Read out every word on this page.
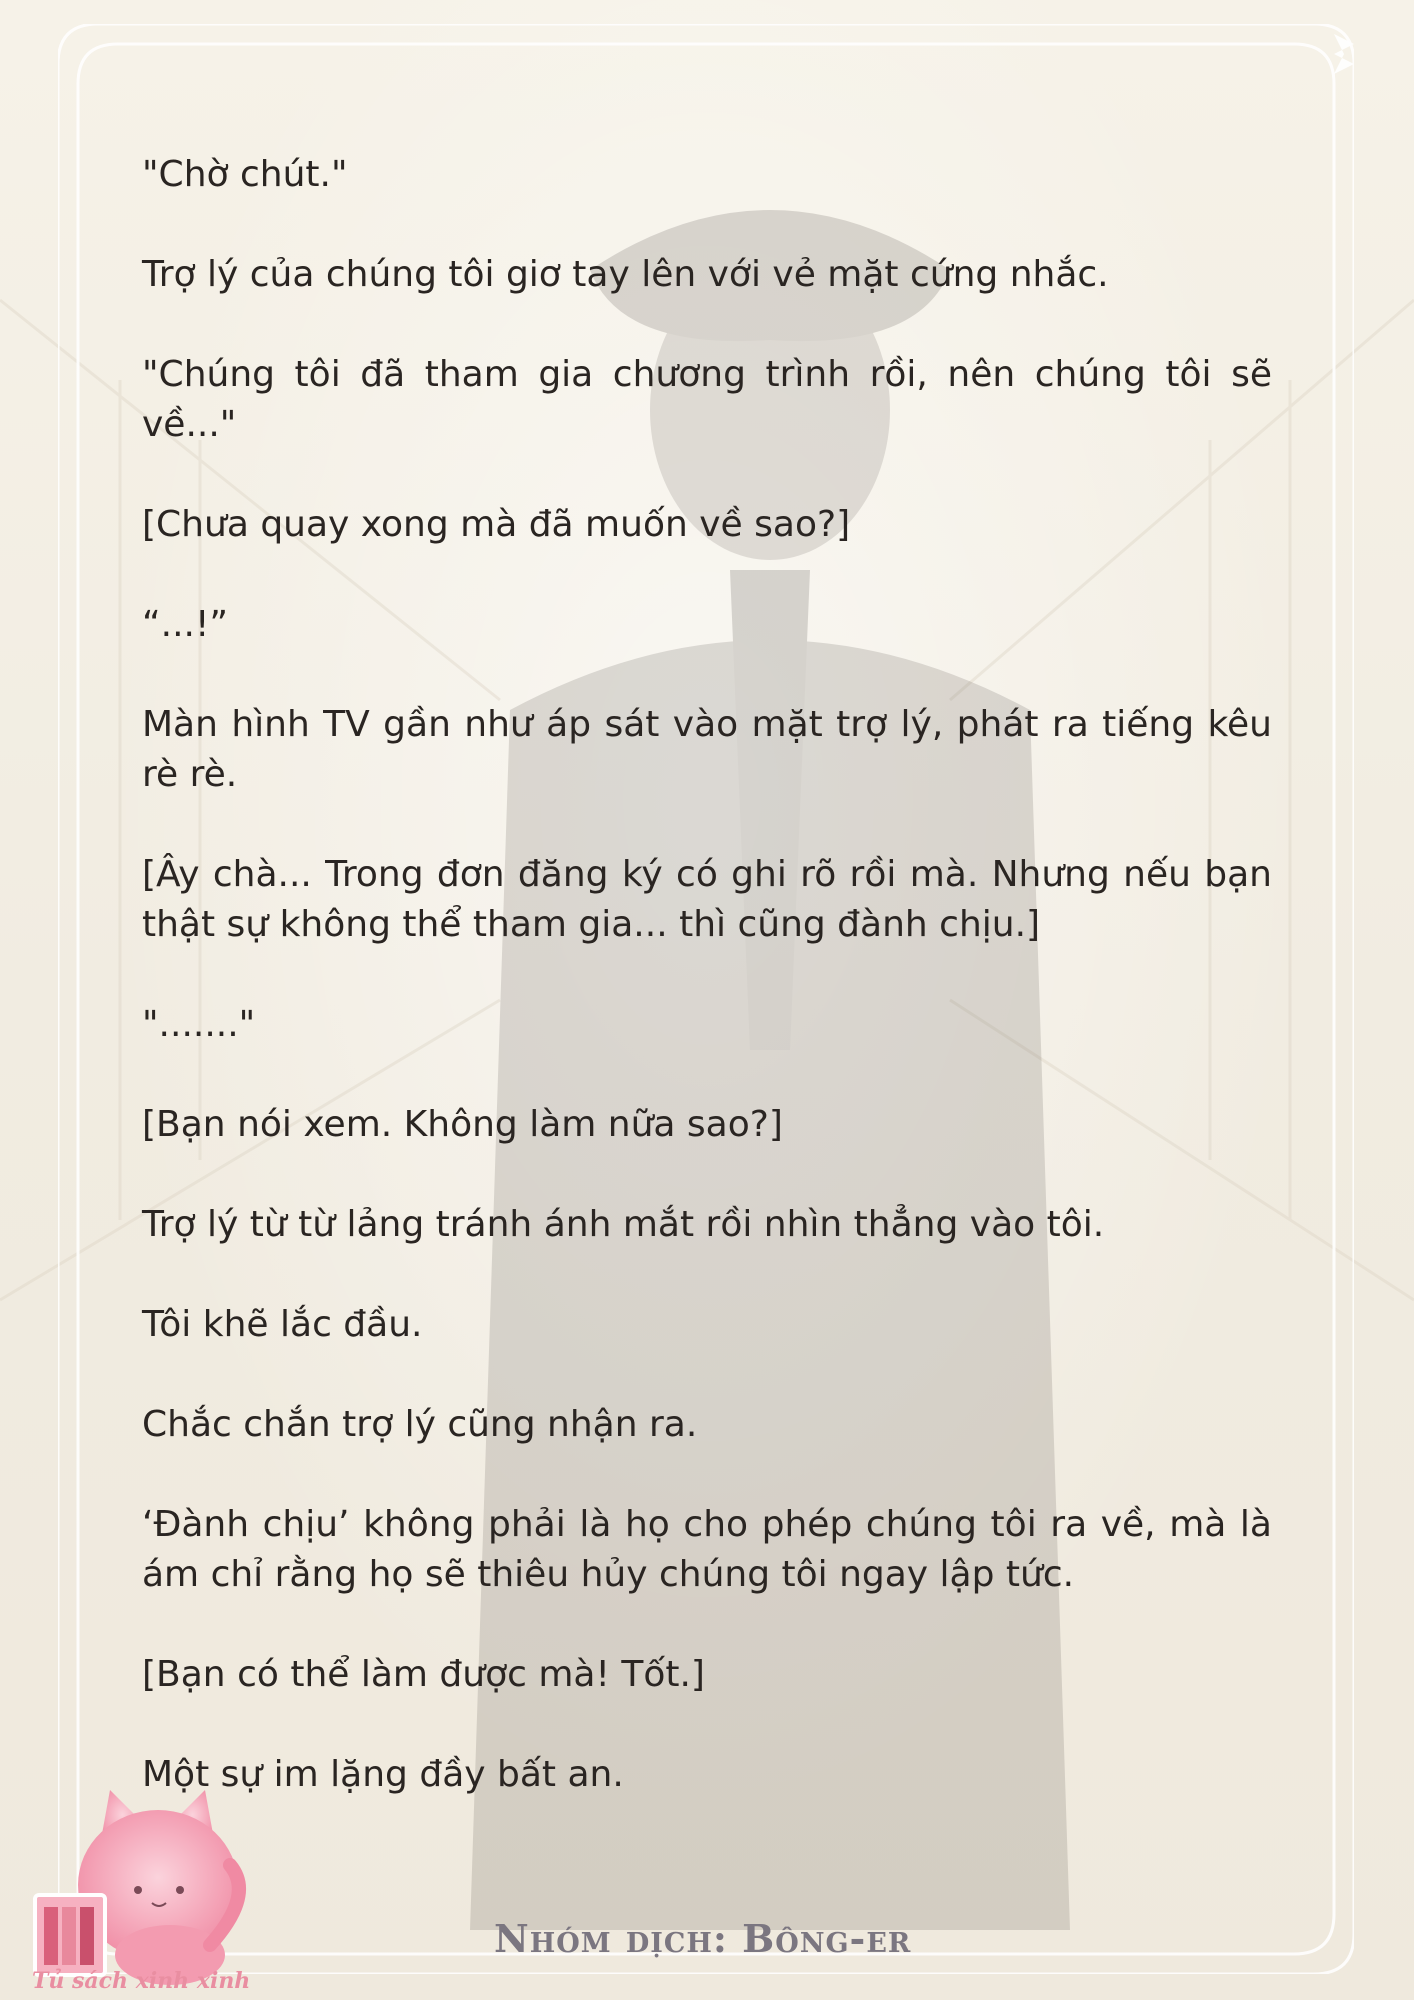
"Chờ chút."

Trợ lý của chúng tôi giơ tay lên với vẻ mặt cứng nhắc.

"Chúng tôi đã tham gia chương trình rồi, nên chúng tôi sẽ về..."

[Chưa quay xong mà đã muốn về sao?]

“...!”

Màn hình TV gần như áp sát vào mặt trợ lý, phát ra tiếng kêu rè rè.

[Ây chà... Trong đơn đăng ký có ghi rõ rồi mà. Nhưng nếu bạn thật sự không thể tham gia... thì cũng đành chịu.]

"......."

[Bạn nói xem. Không làm nữa sao?]

Trợ lý từ từ lảng tránh ánh mắt rồi nhìn thẳng vào tôi.

Tôi khẽ lắc đầu.

Chắc chắn trợ lý cũng nhận ra.

‘Đành chịu’ không phải là họ cho phép chúng tôi ra về, mà là ám chỉ rằng họ sẽ thiêu hủy chúng tôi ngay lập tức.

[Bạn có thể làm được mà! Tốt.]

Một sự im lặng đầy bất an.

Tủ sách xinh xinh
Nhóm dịch: Bông-er
